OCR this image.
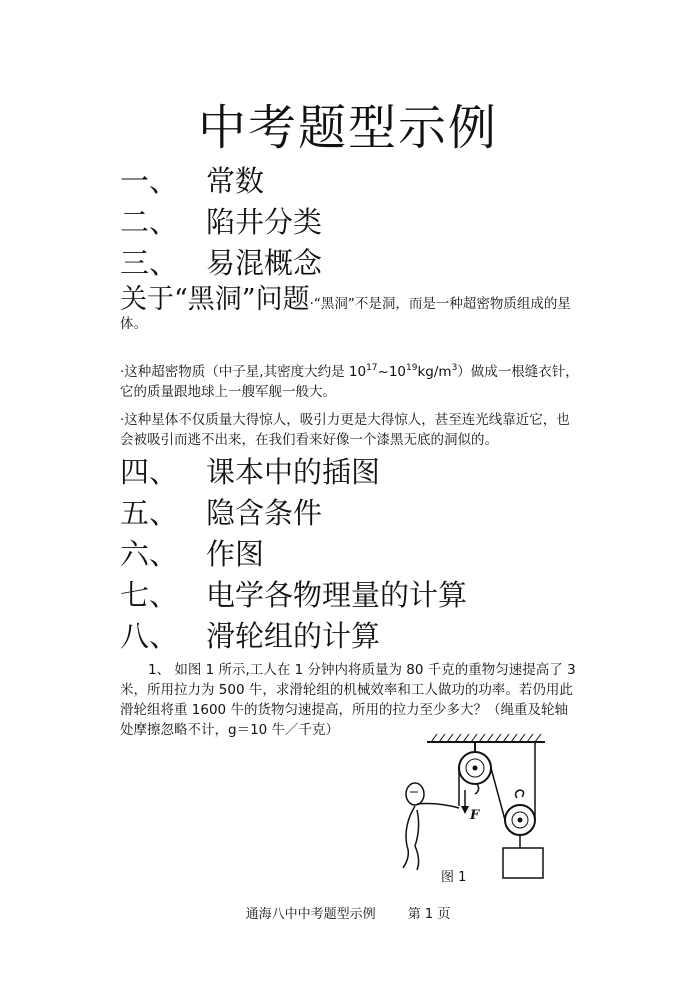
中考题型示例
一、 常数
二、 陷井分类
三、 易混概念
关于“黑洞”问题·“黑洞”不是洞，而是一种超密物质组成的星体。
·这种超密物质（中子星,其密度大约是 $10^{17}\sim 10^{19}kg/m^3$）做成一根缝衣针，它的质量跟地球上一艘军舰一般大。
·这种星体不仅质量大得惊人，吸引力更是大得惊人，甚至连光线靠近它，也会被吸引而逃不出来，在我们看来好像一个漆黑无底的洞似的。
四、 课本中的插图
五、 隐含条件
六、 作图
七、 电学各物理量的计算
八、 滑轮组的计算
1、 如图 1 所示,工人在 1 分钟内将质量为 80 千克的重物匀速提高了 3 米，所用拉力为 500 牛，求滑轮组的机械效率和工人做功的功率。若仍用此滑轮组将重 1600 牛的货物匀速提高，所用的拉力至少多大？（绳重及轮轴处摩擦忽略不计，g＝10 牛／千克）
F
图 1
通海八中中考题型示例 第 1 页
